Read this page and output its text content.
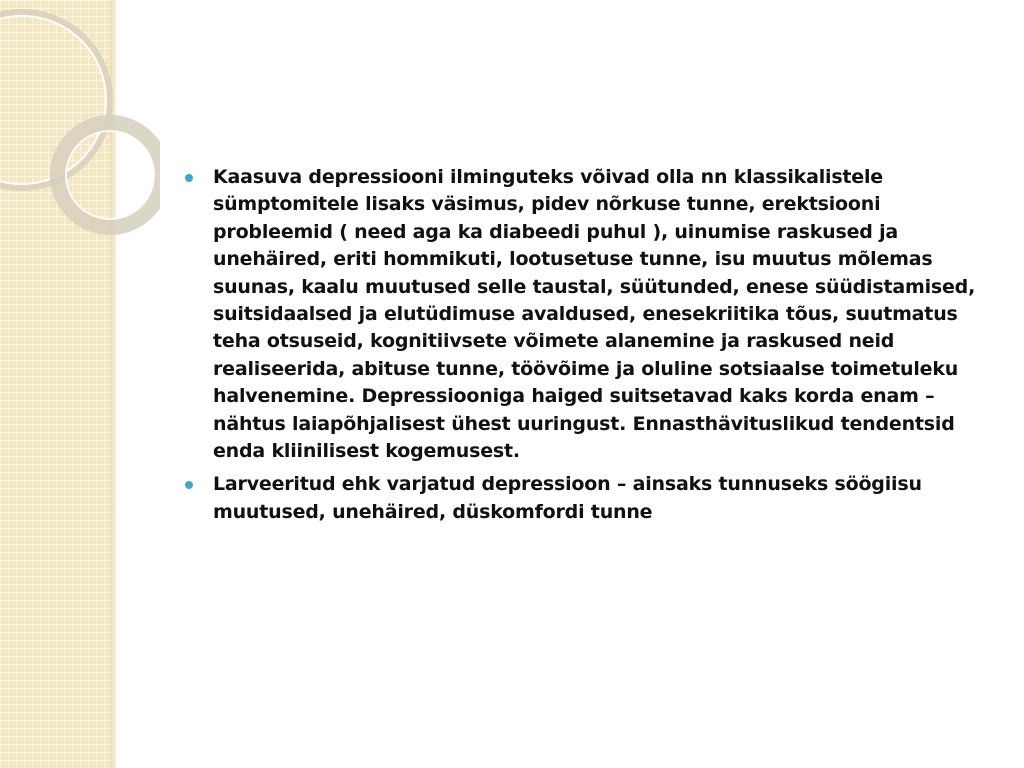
Kaasuva depressiooni ilminguteks võivad olla nn klassikalistele sümptomitele lisaks väsimus, pidev nõrkuse tunne, erektsiooni probleemid ( need aga ka diabeedi puhul ), uinumise raskused ja unehäired, eriti hommikuti, lootusetuse tunne, isu muutus mõlemas suunas, kaalu muutused selle taustal, süütunded, enese süüdistamised, suitsidaalsed ja elutüdimuse avaldused, enesekriitika tõus, suutmatus teha otsuseid, kognitiivsete võimete alanemine ja raskused neid realiseerida, abituse tunne, töövõime ja oluline sotsiaalse toimetuleku halvenemine. Depressiooniga haiged suitsetavad kaks korda enam – nähtus laiapõhjalisest ühest uuringust. Ennasthävituslikud tendentsid enda kliinilisest kogemusest.
Larveeritud ehk varjatud depressioon – ainsaks tunnuseks söögiisu muutused, unehäired, düskomfordi tunne
